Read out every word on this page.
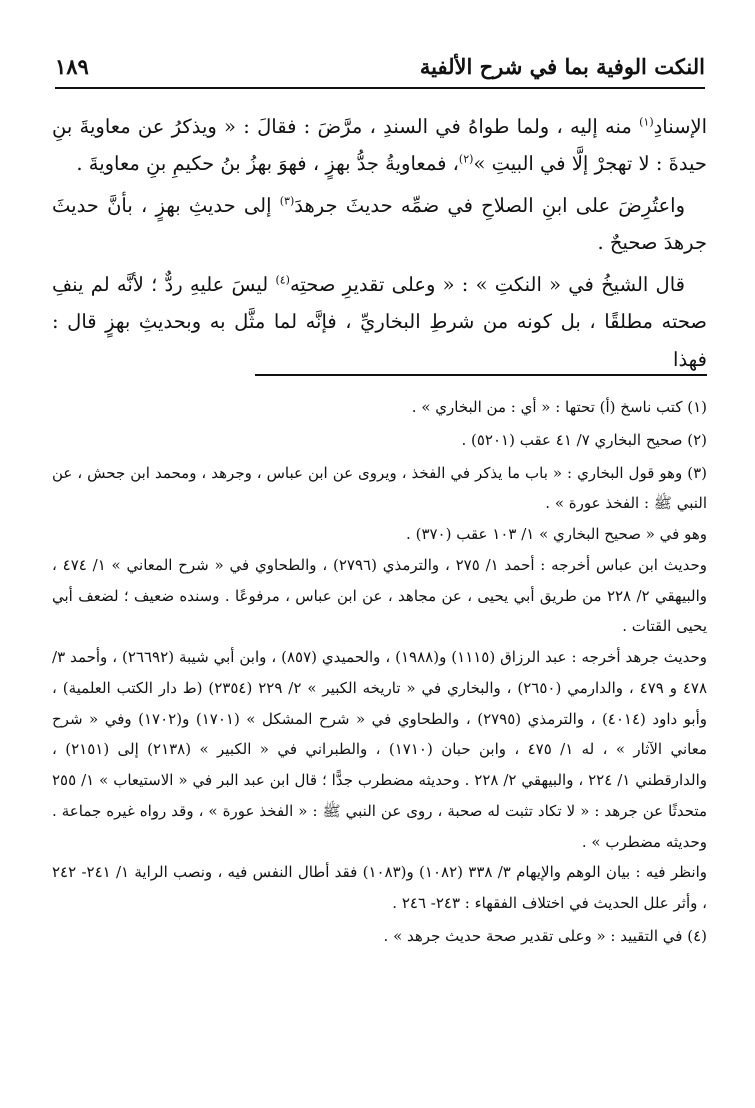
النكت الوفية بما في شرح الألفية
١٨٩

الإسنادِ$^{(١)}$ منه إليه ، ولما طواهُ في السندِ ، مرَّضَ : فقالَ : « ويذكرُ عن معاويةَ بنِ حيدةَ : لا تهجرْ إلَّا في البيتِ »$^{(٢)}$، فمعاويةُ جدُّ بهزٍ ، فهوَ بهزُ بنُ حكيمِ بنِ معاويةَ .

واعتُرِضَ على ابنِ الصلاحِ في ضمِّه حديثَ جرهدَ$^{(٣)}$ إلى حديثِ بهزٍ ، بأنَّ حديثَ جرهدَ صحيحٌ .

قال الشيخُ في « النكتِ » : « وعلى تقديرِ صحتِه$^{(٤)}$ ليسَ عليهِ ردٌّ ؛ لأنَّه لم ينفِ صحته مطلقًا ، بل كونه من شرطِ البخاريِّ ، فإنَّه لما مثَّل به وبحديثِ بهزٍ قال : فهذا

(١) كتب ناسخ (أ) تحتها : « أي : من البخاري » .
(٢) صحيح البخاري ٧/ ٤١ عقب (٥٢٠١) .
(٣) وهو قول البخاري : « باب ما يذكر في الفخذ ، ويروى عن ابن عباس ، وجرهد ، ومحمد ابن جحش ، عن النبي ﷺ : الفخذ عورة » .
وهو في « صحيح البخاري » ١/ ١٠٣ عقب (٣٧٠) .
وحديث ابن عباس أخرجه : أحمد ١/ ٢٧٥ ، والترمذي (٢٧٩٦) ، والطحاوي في « شرح المعاني » ١/ ٤٧٤ ، والبيهقي ٢/ ٢٢٨ من طريق أبي يحيى ، عن مجاهد ، عن ابن عباس ، مرفوعًا . وسنده ضعيف ؛ لضعف أبي يحيى القتات .
وحديث جرهد أخرجه : عبد الرزاق (١١١٥) و(١٩٨٨) ، والحميدي (٨٥٧) ، وابن أبي شيبة (٢٦٦٩٢) ، وأحمد ٣/ ٤٧٨ و ٤٧٩ ، والدارمي (٢٦٥٠) ، والبخاري في « تاريخه الكبير » ٢/ ٢٢٩ (٢٣٥٤) (ط دار الكتب العلمية) ، وأبو داود (٤٠١٤) ، والترمذي (٢٧٩٥) ، والطحاوي في « شرح المشكل » (١٧٠١) و(١٧٠٢) وفي « شرح معاني الآثار » ، له ١/ ٤٧٥ ، وابن حبان (١٧١٠) ، والطبراني في « الكبير » (٢١٣٨) إلى (٢١٥١) ، والدارقطني ١/ ٢٢٤ ، والبيهقي ٢/ ٢٢٨ . وحديثه مضطرب جدًّا ؛ قال ابن عبد البر في « الاستيعاب » ١/ ٢٥٥ متحدثًا عن جرهد : « لا تكاد تثبت له صحبة ، روى عن النبي ﷺ : « الفخذ عورة » ، وقد رواه غيره جماعة . وحديثه مضطرب » .
وانظر فيه : بيان الوهم والإيهام ٣/ ٣٣٨ (١٠٨٢) و(١٠٨٣) فقد أطال النفس فيه ، ونصب الراية ١/ ٢٤١- ٢٤٢ ، وأثر علل الحديث في اختلاف الفقهاء : ٢٤٣- ٢٤٦ .
(٤) في التقييد : « وعلى تقدير صحة حديث جرهد » .
